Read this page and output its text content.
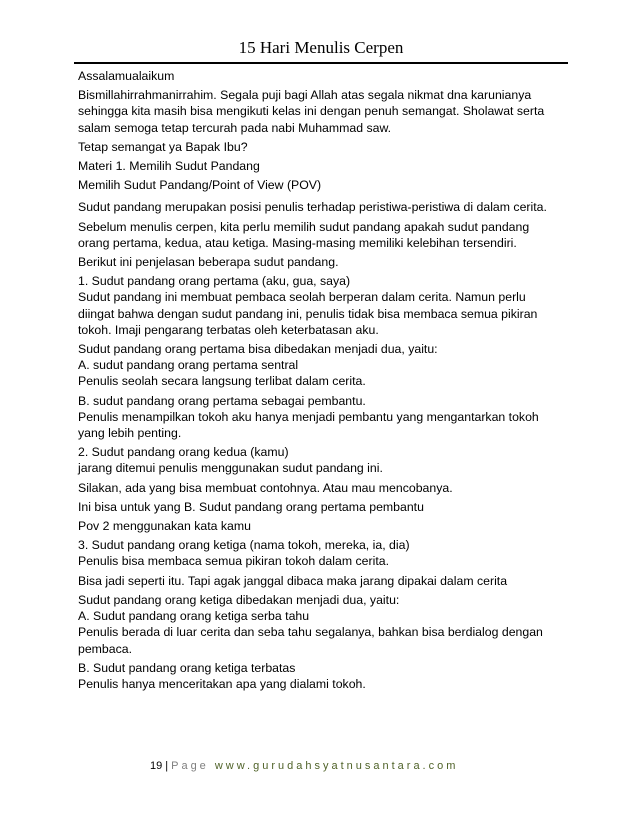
15 Hari Menulis Cerpen

Assalamualaikum

Bismillahirrahmanirrahim. Segala puji bagi Allah atas segala nikmat dna karunianya
sehingga kita masih bisa mengikuti kelas ini dengan penuh semangat. Sholawat serta
salam semoga tetap tercurah pada nabi Muhammad saw.

Tetap semangat ya Bapak Ibu?

Materi 1. Memilih Sudut Pandang

Memilih Sudut Pandang/Point of View (POV)

Sudut pandang merupakan posisi penulis terhadap peristiwa-peristiwa di dalam cerita.

Sebelum menulis cerpen, kita perlu memilih sudut pandang apakah sudut pandang
orang pertama, kedua, atau ketiga. Masing-masing memiliki kelebihan tersendiri.

Berikut ini penjelasan beberapa sudut pandang.

1. Sudut pandang orang pertama (aku, gua, saya)
Sudut pandang ini membuat pembaca seolah berperan dalam cerita. Namun perlu
diingat bahwa dengan sudut pandang ini, penulis tidak bisa membaca semua pikiran
tokoh. Imaji pengarang terbatas oleh keterbatasan aku.

Sudut pandang orang pertama bisa dibedakan menjadi dua, yaitu:
A. sudut pandang orang pertama sentral
Penulis seolah secara langsung terlibat dalam cerita.

B. sudut pandang orang pertama sebagai pembantu.
Penulis menampilkan tokoh aku hanya menjadi pembantu yang mengantarkan tokoh
yang lebih penting.

2. Sudut pandang orang kedua (kamu)
jarang ditemui penulis menggunakan sudut pandang ini.

Silakan, ada yang bisa membuat contohnya. Atau mau mencobanya.

Ini bisa untuk yang B. Sudut pandang orang pertama pembantu

Pov 2 menggunakan kata kamu

3. Sudut pandang orang ketiga (nama tokoh, mereka, ia, dia)
Penulis bisa membaca semua pikiran tokoh dalam cerita.

Bisa jadi seperti itu. Tapi agak janggal dibaca maka jarang dipakai dalam cerita

Sudut pandang orang ketiga dibedakan menjadi dua, yaitu:
A. Sudut pandang orang ketiga serba tahu
Penulis berada di luar cerita dan seba tahu segalanya, bahkan bisa berdialog dengan
pembaca.

B. Sudut pandang orang ketiga terbatas
Penulis hanya menceritakan apa yang dialami tokoh.

19 | Page www.gurudahsyatnusantara.com
